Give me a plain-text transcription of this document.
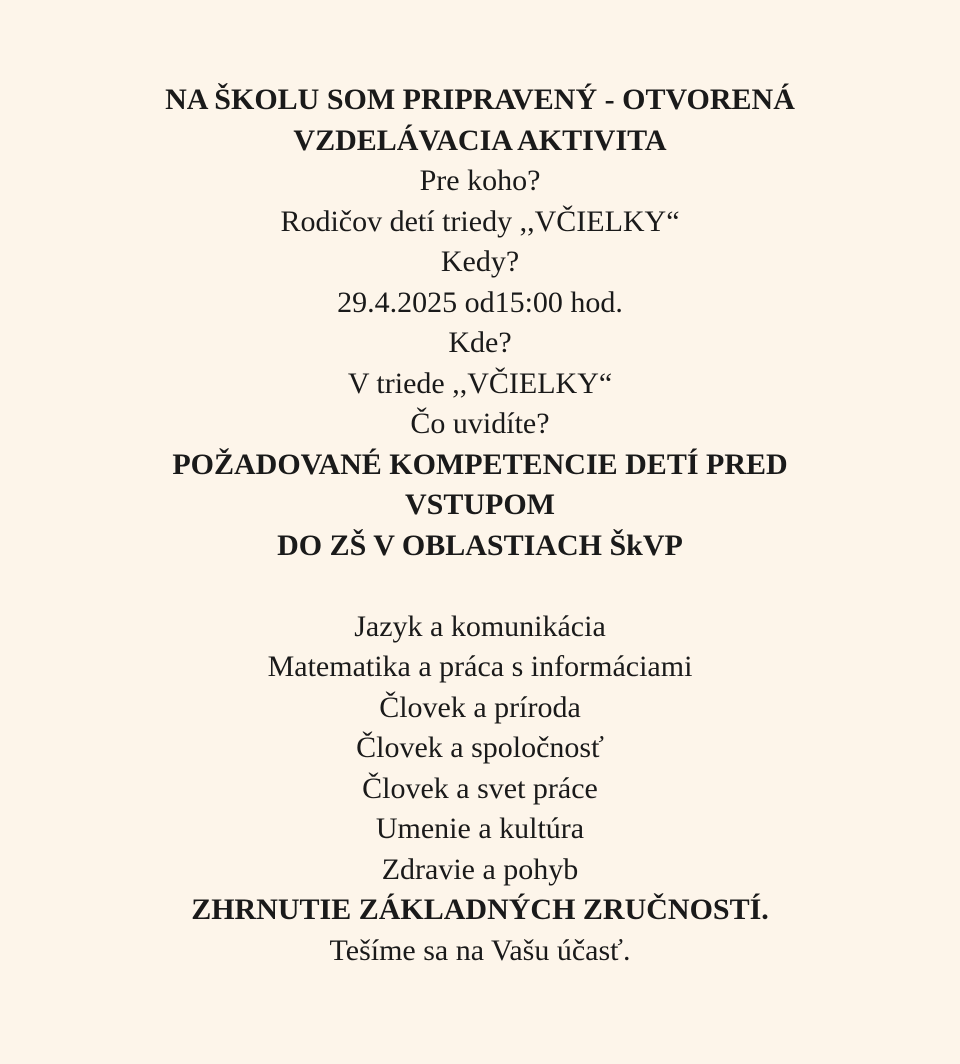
NA ŠKOLU SOM PRIPRAVENÝ - OTVORENÁ

VZDELÁVACIA AKTIVITA

Pre koho?

Rodičov detí triedy ,,VČIELKY“

Kedy?

29.4.2025 od15:00 hod.

Kde?

V triede ,,VČIELKY“

Čo uvidíte?

POŽADOVANÉ KOMPETENCIE DETÍ PRED

VSTUPOM

DO ZŠ V OBLASTIACH ŠkVP

Jazyk a komunikácia

Matematika a práca s informáciami

Človek a príroda

Človek a spoločnosť

Človek a svet práce

Umenie a kultúra

Zdravie a pohyb

ZHRNUTIE ZÁKLADNÝCH ZRUČNOSTÍ.

Tešíme sa na Vašu účasť.
